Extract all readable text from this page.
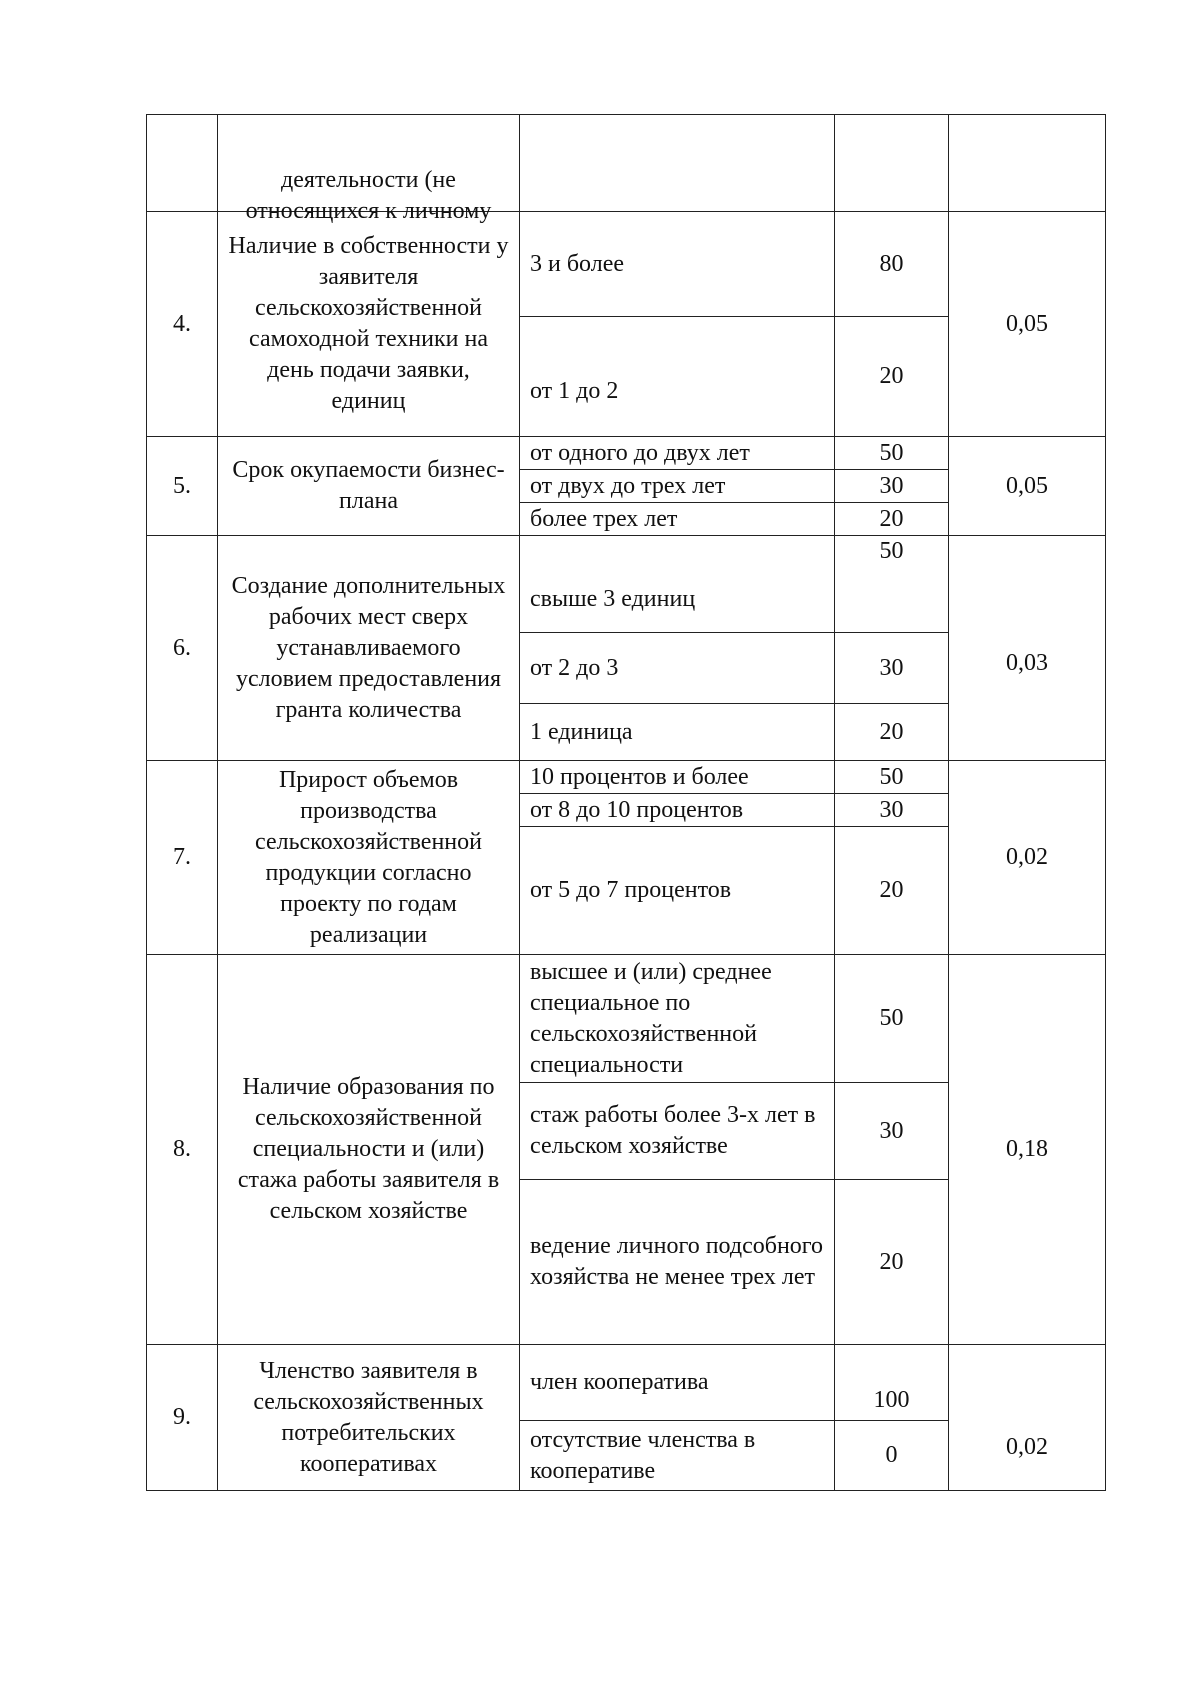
	деятельности (не
относящихся к личному			

4.	Наличие в собственности у заявителя сельскохозяйственной самоходной техники на день подачи заявки, единиц	3 и более	80	0,05
		от 1 до 2	20	
5.	Срок окупаемости бизнес-плана	от одного до двух лет	50	0,05
		от двух до трех лет	30	
		более трех лет	20	
6.	Создание дополнительных рабочих мест сверх устанавливаемого условием предоставления гранта количества	свыше 3 единиц	50	0,03
		от 2 до 3	30	
		1 единица	20	
7.	Прирост объемов производства сельскохозяйственной продукции согласно проекту по годам реализации	10 процентов и более	50	0,02
		от 8 до 10 процентов	30	
		от 5 до 7 процентов	20	
8.	Наличие образования по сельскохозяйственной специальности и (или) стажа работы заявителя в сельском хозяйстве	высшее и (или) среднее специальное по сельскохозяйственной специальности	50	0,18
		стаж работы более 3-х лет в сельском хозяйстве	30	
		ведение личного подсобного хозяйства не менее трех лет	20	
9.	Членство заявителя в сельскохозяйственных потребительских кооперативах	член кооператива	100	0,02
		отсутствие членства в кооперативе	0	
